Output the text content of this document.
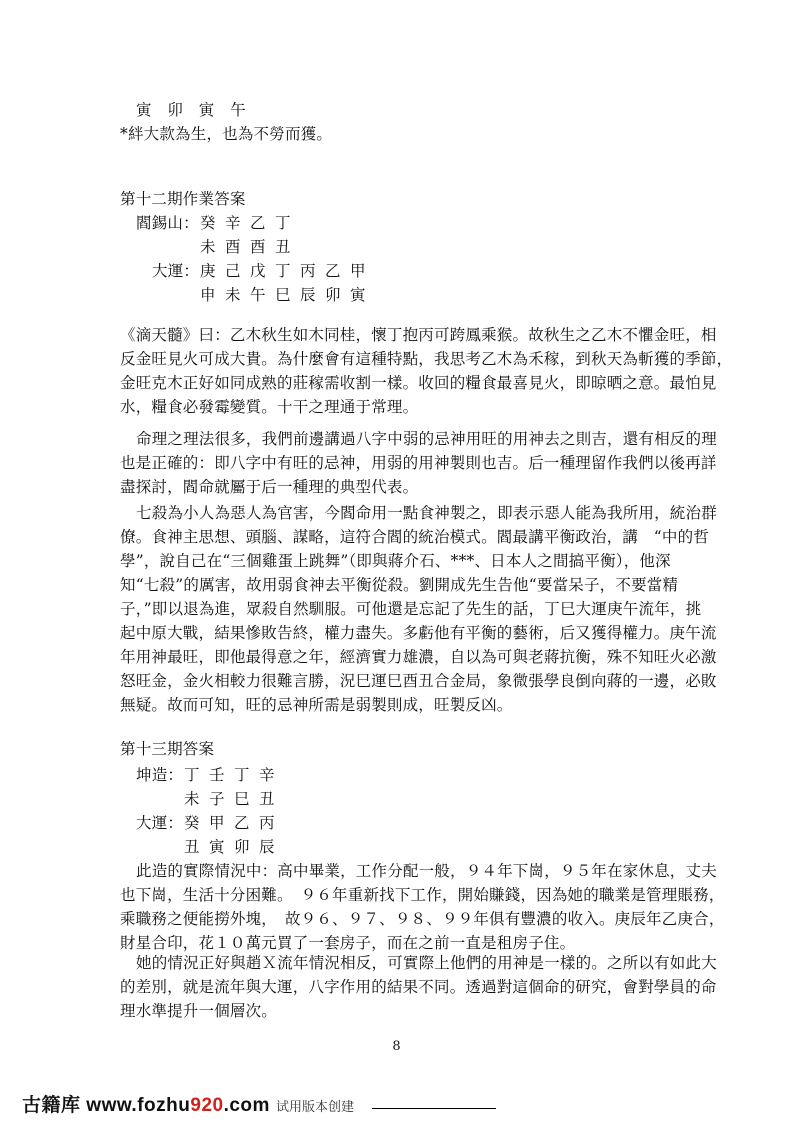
寅　卯　寅　午
*絆大款為生，也為不勞而獲。
第十二期作業答案
閻錫山： 癸 辛 乙 丁
未 酉 酉 丑
大運： 庚 己 戊 丁 丙 乙 甲
申 未 午 巳 辰 卯 寅
《滴天髓》曰：乙木秋生如木同桂，懷丁抱丙可跨鳳乘猴。故秋生之乙木不懼金旺，相
反金旺見火可成大貴。為什麼會有這種特點，我思考乙木為禾稼，到秋天為斬獲的季節，
金旺克木正好如同成熟的莊稼需收割一樣。收回的糧食最喜見火，即晾晒之意。最怕見
水，糧食必發霉變質。十干之理通于常理。
命理之理法很多，我們前邊講過八字中弱的忌神用旺的用神去之則吉，還有相反的理
也是正確的：即八字中有旺的忌神，用弱的用神製則也吉。后一種理留作我們以後再詳
盡探討，閻命就屬于后一種理的典型代表。
七殺為小人為惡人為官害，今閻命用一點食神製之，即表示惡人能為我所用，統治群
僚。食神主思想、頭腦、謀略，這符合閻的統治模式。閻最講平衡政治，講　“中的哲
學”，說自己在“三個雞蛋上跳舞”（即與蔣介石、***、日本人之間搞平衡），他深
知“七殺”的厲害，故用弱食神去平衡從殺。劉開成先生告他“要當呆子，不要當精
子，”即以退為進，眾殺自然馴服。可他還是忘記了先生的話，丁巳大運庚午流年，挑
起中原大戰，結果慘敗告終，權力盡失。多虧他有平衡的藝術，后又獲得權力。庚午流
年用神最旺，即他最得意之年，經濟實力雄濃，自以為可與老蔣抗衡，殊不知旺火必激
怒旺金，金火相較力很難言勝，況巳運巳酉丑合金局，象微張學良倒向蔣的一邊，必敗
無疑。故而可知，旺的忌神所需是弱製則成，旺製反凶。
第十三期答案
坤造： 丁 壬 丁 辛
未 子 巳 丑
大運： 癸 甲 乙 丙
丑 寅 卯 辰
此造的實際情況中：高中畢業，工作分配一般，９４年下崗，９５年在家休息，丈夫
也下崗，生活十分困難。　９６年重新找下工作，開始賺錢，因為她的職業是管理賬務，
乘職務之便能撈外塊，　故９６、９７、９８、９９年俱有豐濃的收入。庚辰年乙庚合，
財星合印，花１０萬元買了一套房子，而在之前一直是租房子住。
她的情況正好與趙Ｘ流年情況相反，可實際上他們的用神是一樣的。之所以有如此大
的差別，就是流年與大運，八字作用的結果不同。透過對這個命的研究，會對學員的命
理水準提升一個層次。
8
古籍库 www.fozhu920.com 试用版本创建
